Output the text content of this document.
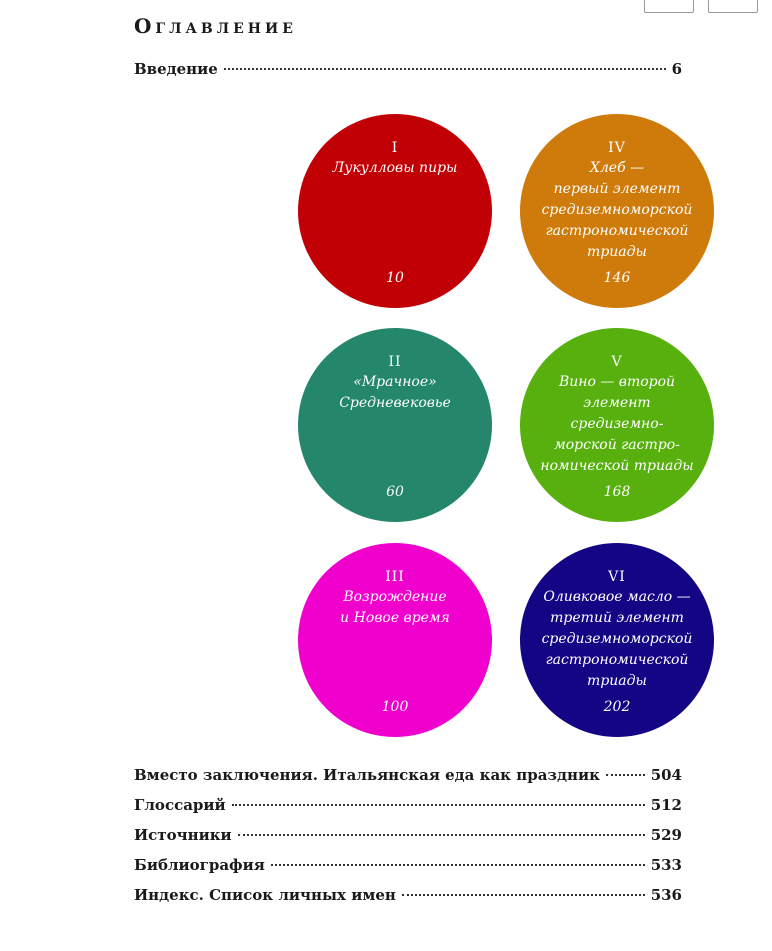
Оглавление
Введение	6
I
Лукулловы пиры
10
IV
Хлеб —
первый элемент
средиземноморской
гастрономической
триады
146
II
«Мрачное»
Средневековье
60
V
Вино — второй
элемент средиземно-
морской гастро-
номической триады
168
III
Возрождение
и Новое время
100
VI
Оливковое масло —
третий элемент
средиземноморской
гастрономической
триады
202
Вместо заключения. Итальянская еда как праздник	504
Глоссарий	512
Источники	529
Библиография	533
Индекс. Список личных имен	536
